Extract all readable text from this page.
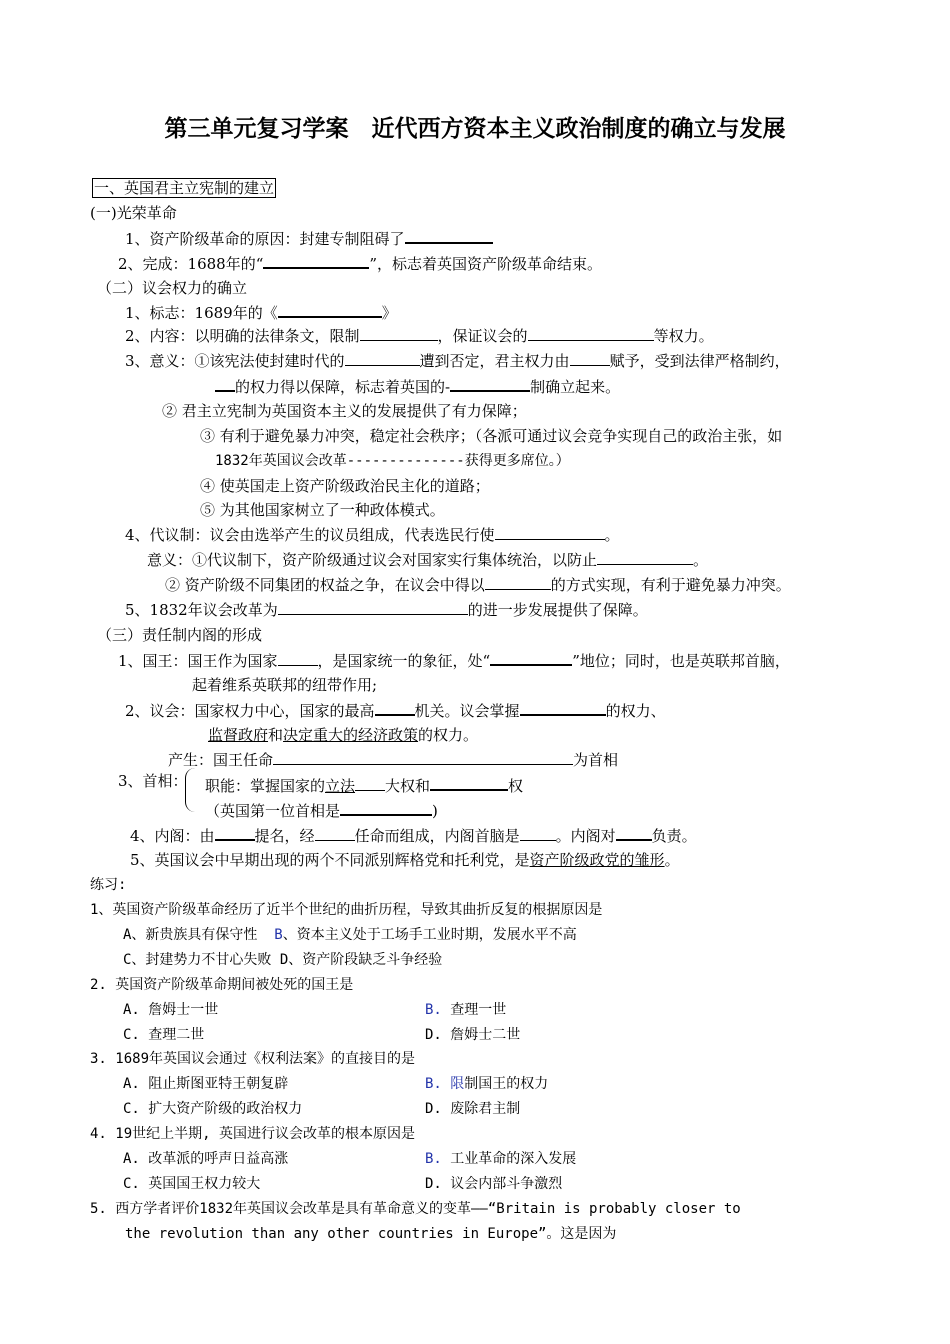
第三单元复习学案　近代西方资本主义政治制度的确立与发展
一、英国君主立宪制的建立
(一)光荣革命
1、资产阶级革命的原因：封建专制阻碍了
2、完成：1688年的“	”，标志着英国资产阶级革命结束。
（二）议会权力的确立
1、标志：1689年的《	》
2、内容：以明确的法律条文，限制	，保证议会的	等权力。
3、意义：①该宪法使封建时代的	遭到否定，君主权力由	赋予，受到法律严格制约，
的权力得以保障，标志着英国的-	制确立起来。
② 君主立宪制为英国资本主义的发展提供了有力保障；
③ 有利于避免暴力冲突，稳定社会秩序；（各派可通过议会竞争实现自己的政治主张，如
1832年英国议会改革--------------获得更多席位。）
④ 使英国走上资产阶级政治民主化的道路；
⑤ 为其他国家树立了一种政体模式。
4、代议制：议会由选举产生的议员组成，代表选民行使	。
意义：①代议制下，资产阶级通过议会对国家实行集体统治，以防止	。
② 资产阶级不同集团的权益之争，在议会中得以	的方式实现，有利于避免暴力冲突。
5、1832年议会改革为	的进一步发展提供了保障。
（三）责任制内阁的形成
1、国王：国王作为国家	，是国家统一的象征，处“	”地位；同时，也是英联邦首脑，
起着维系英联邦的纽带作用;
2、议会：国家权力中心，国家的最高	机关。议会掌握	的权力、
监督政府和决定重大的经济政策的权力。
产生：国王任命	为首相
3、首相： 职能：掌握国家的立法 大权和	权
（英国第一位首相是	)
4、内阁：由	提名，经	任命而组成，内阁首脑是 。内阁对 负责。
5、英国议会中早期出现的两个不同派别辉格党和托利党，是资产阶级政党的雏形。
练习:
1、英国资产阶级革命经历了近半个世纪的曲折历程，导致其曲折反复的根据原因是
A、新贵族具有保守性 B、资本主义处于工场手工业时期，发展水平不高
C、封建势力不甘心失败 D、资产阶段缺乏斗争经验
2. 英国资产阶级革命期间被处死的国王是
A. 詹姆士一世	B. 查理一世
C. 查理二世	D. 詹姆士二世
3. 1689年英国议会通过《权利法案》的直接目的是
A. 阻止斯图亚特王朝复辟	B. 限制国王的权力
C. 扩大资产阶级的政治权力	D. 废除君主制
4. 19世纪上半期, 英国进行议会改革的根本原因是
A. 改革派的呼声日益高涨	B. 工业革命的深入发展
C. 英国国王权力较大	D. 议会内部斗争激烈
5. 西方学者评价1832年英国议会改革是具有革命意义的变革——“Britain is probably closer to
the revolution than any other countries in Europe”。这是因为
